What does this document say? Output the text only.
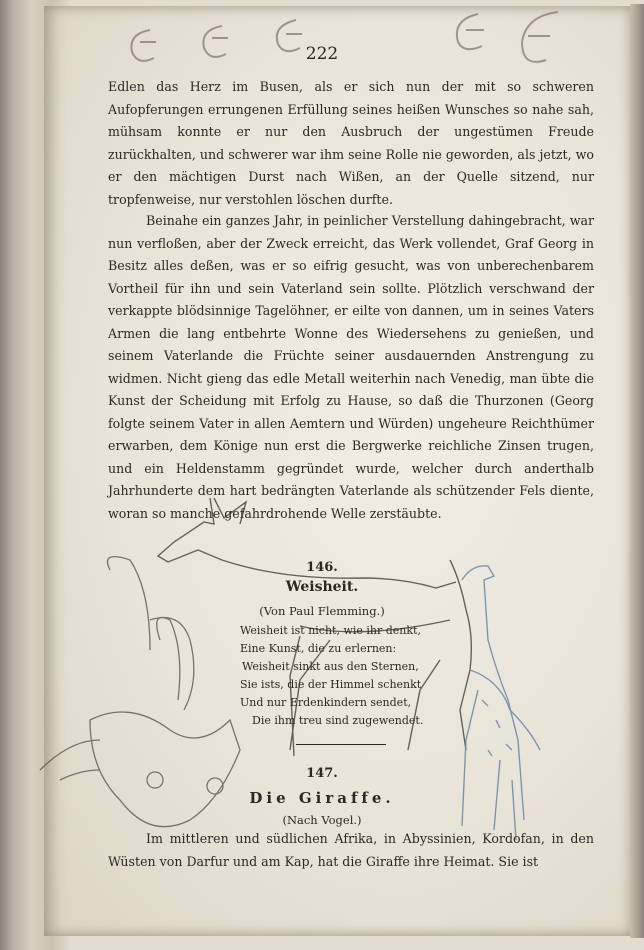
222

Edlen das Herz im Busen, als er sich nun der mit so schweren Aufopferungen errungenen Erfüllung seines heißen Wunsches so nahe sah, mühsam konnte er nur den Ausbruch der ungestümen Freude zurückhalten, und schwerer war ihm seine Rolle nie geworden, als jetzt, wo er den mächtigen Durst nach Wißen, an der Quelle sitzend, nur tropfenweise, nur verstohlen löschen durfte.

Beinahe ein ganzes Jahr, in peinlicher Verstellung dahingebracht, war nun verfloßen, aber der Zweck erreicht, das Werk vollendet, Graf Georg in Besitz alles deßen, was er so eifrig gesucht, was von unberechenbarem Vortheil für ihn und sein Vaterland sein sollte. Plötzlich verschwand der verkappte blödsinnige Tagelöhner, er eilte von dannen, um in seines Vaters Armen die lang entbehrte Wonne des Wiedersehens zu genießen, und seinem Vaterlande die Früchte seiner ausdauernden Anstrengung zu widmen. Nicht gieng das edle Metall weiterhin nach Venedig, man übte die Kunst der Scheidung mit Erfolg zu Hause, so daß die Thurzonen (Georg folgte seinem Vater in allen Aemtern und Würden) ungeheure Reichthümer erwarben, dem Könige nun erst die Bergwerke reichliche Zinsen trugen, und ein Heldenstamm gegründet wurde, welcher durch anderthalb Jahrhunderte dem hart bedrängten Vaterlande als schützender Fels diente, woran so manche gefahrdrohende Welle zerstäubte.

146.
Weisheit.
(Von Paul Flemming.)
Weisheit ist nicht, wie ihr denkt,
Eine Kunst, die zu erlernen:
Weisheit sinkt aus den Sternen,
Sie ists, die der Himmel schenkt
Und nur Erdenkindern sendet,
Die ihm treu sind zugewendet.
147.
Die Giraffe.
(Nach Vogel.)

Im mittleren und südlichen Afrika, in Abyssinien, Kordofan, in den Wüsten von Darfur und am Kap, hat die Giraffe ihre Heimat. Sie ist
